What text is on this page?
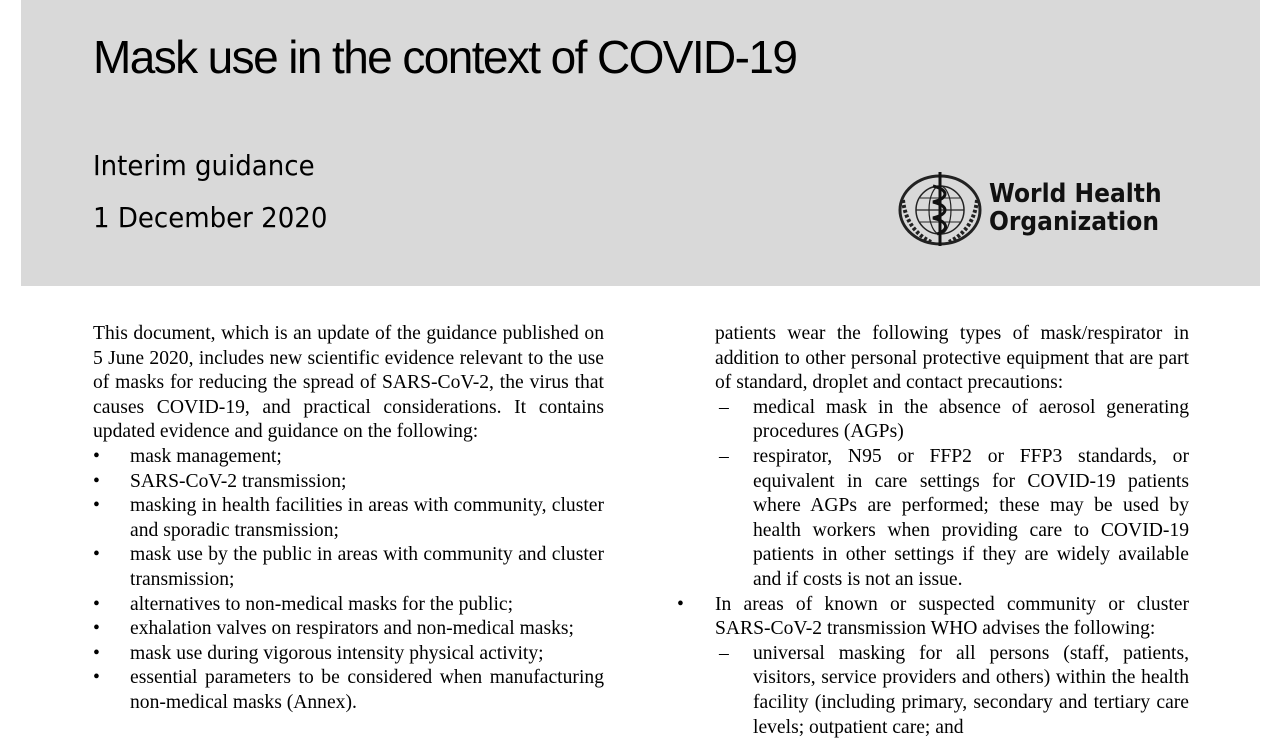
Mask use in the context of COVID-19
Interim guidance
1 December 2020
World Health
Organization

This document, which is an update of the guidance published on 5 June 2020, includes new scientific evidence relevant to the use of masks for reducing the spread of SARS-CoV-2, the virus that causes COVID-19, and practical considerations. It contains updated evidence and guidance on the following:

• mask management;
• SARS-CoV-2 transmission;
• masking in health facilities in areas with community, cluster and sporadic transmission;
• mask use by the public in areas with community and cluster transmission;
• alternatives to non-medical masks for the public;
• exhalation valves on respirators and non-medical masks;
• mask use during vigorous intensity physical activity;
• essential parameters to be considered when manufacturing non-medical masks (Annex).

patients wear the following types of mask/respirator in addition to other personal protective equipment that are part of standard, droplet and contact precautions:

– medical mask in the absence of aerosol generating procedures (AGPs)
– respirator, N95 or FFP2 or FFP3 standards, or equivalent in care settings for COVID-19 patients where AGPs are performed; these may be used by health workers when providing care to COVID-19 patients in other settings if they are widely available and if costs is not an issue.
• In areas of known or suspected community or cluster SARS-CoV-2 transmission WHO advises the following:
– universal masking for all persons (staff, patients, visitors, service providers and others) within the health facility (including primary, secondary and tertiary care levels; outpatient care; and
